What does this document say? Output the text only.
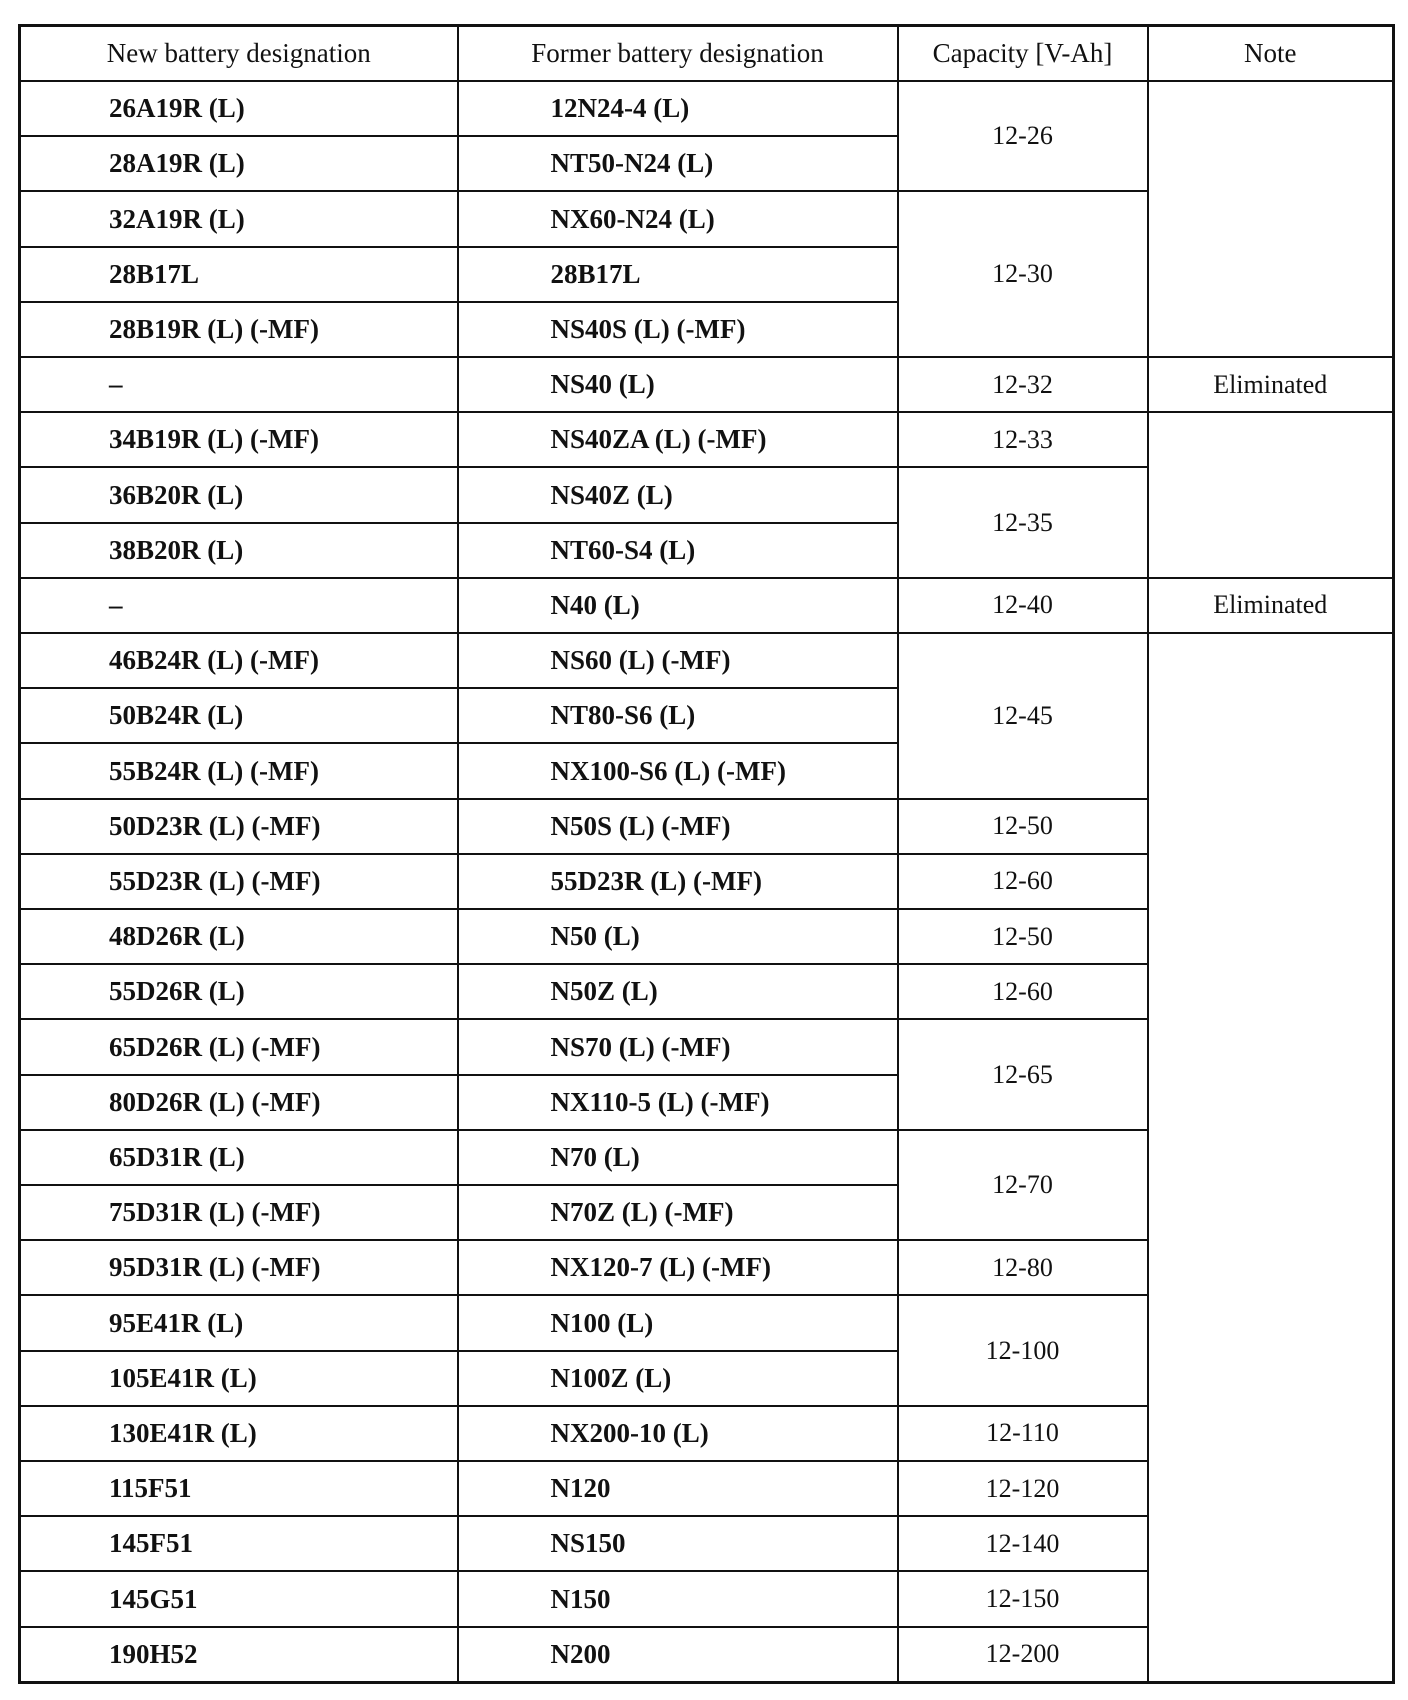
New battery designation	Former battery designation	Capacity [V-Ah]	Note
26A19R (L)	12N24-4 (L)	12-26	
28A19R (L)	NT50-N24 (L)		
32A19R (L)	NX60-N24 (L)	12-30	
28B17L	28B17L		
28B19R (L) (-MF)	NS40S (L) (-MF)		
–	NS40 (L)	12-32	Eliminated
34B19R (L) (-MF)	NS40ZA (L) (-MF)	12-33	
36B20R (L)	NS40Z (L)	12-35	
38B20R (L)	NT60-S4 (L)		
–	N40 (L)	12-40	Eliminated
46B24R (L) (-MF)	NS60 (L) (-MF)	12-45	
50B24R (L)	NT80-S6 (L)		
55B24R (L) (-MF)	NX100-S6 (L) (-MF)		
50D23R (L) (-MF)	N50S (L) (-MF)	12-50	
55D23R (L) (-MF)	55D23R (L) (-MF)	12-60	
48D26R (L)	N50 (L)	12-50	
55D26R (L)	N50Z (L)	12-60	
65D26R (L) (-MF)	NS70 (L) (-MF)	12-65	
80D26R (L) (-MF)	NX110-5 (L) (-MF)		
65D31R (L)	N70 (L)	12-70	
75D31R (L) (-MF)	N70Z (L) (-MF)		
95D31R (L) (-MF)	NX120-7 (L) (-MF)	12-80	
95E41R (L)	N100 (L)	12-100	
105E41R (L)	N100Z (L)		
130E41R (L)	NX200-10 (L)	12-110	
115F51	N120	12-120	
145F51	NS150	12-140	
145G51	N150	12-150	
190H52	N200	12-200	
